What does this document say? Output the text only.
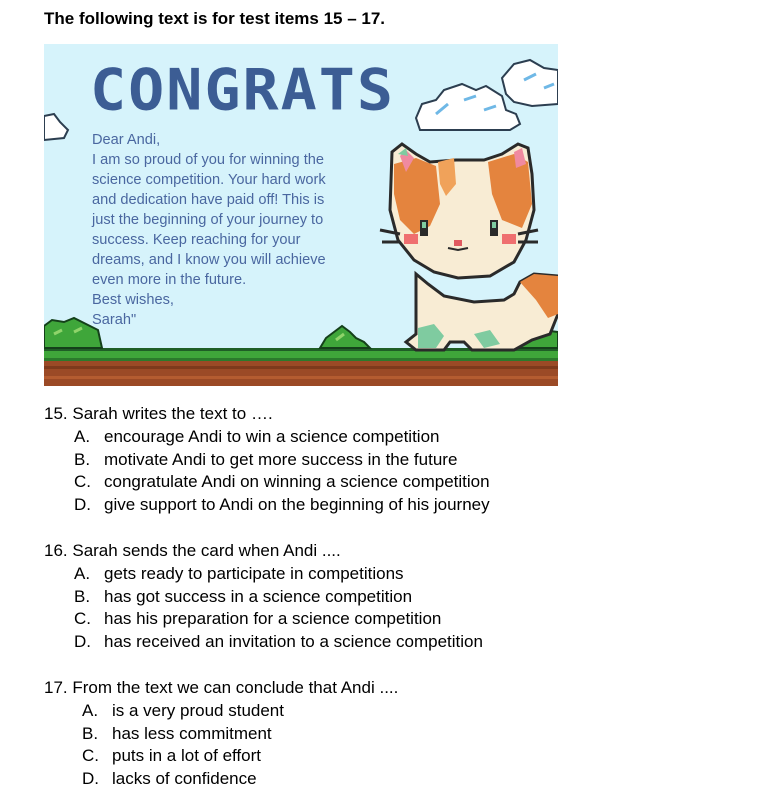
The following text is for test items 15 – 17.
CONGRATS
Dear Andi,
I am so proud of you for winning the
science competition. Your hard work
and dedication have paid off! This is
just the beginning of your journey to
success. Keep reaching for your
dreams, and I know you will achieve
even more in the future.
Best wishes,
Sarah"
15. Sarah writes the text to ….
A. encourage Andi to win a science competition
B. motivate Andi to get more success in the future
C. congratulate Andi on winning a science competition
D. give support to Andi on the beginning of his journey
16. Sarah sends the card when Andi ....
A. gets ready to participate in competitions
B. has got success in a science competition
C. has his preparation for a science competition
D. has received an invitation to a science competition
17. From the text we can conclude that Andi ....
A. is a very proud student
B. has less commitment
C. puts in a lot of effort
D. lacks of confidence
